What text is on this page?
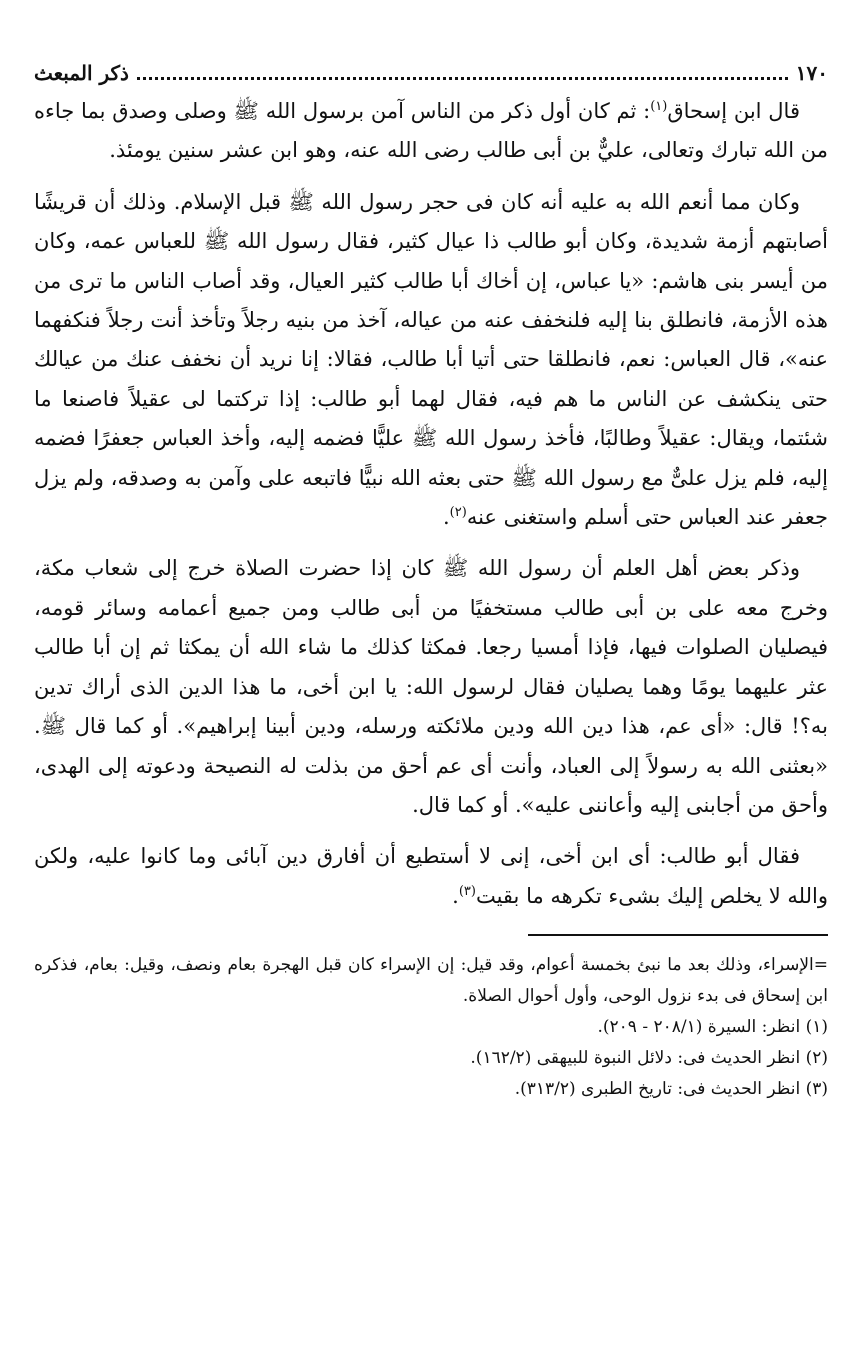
١٧٠
ذكر المبعث

قال ابن إسحاق$^{(١)}$: ثم كان أول ذكر من الناس آمن برسول الله ﷺ وصلى وصدق بما جاءه من الله تبارك وتعالى، عليٌّ بن أبى طالب رضى الله عنه، وهو ابن عشر سنين يومئذ.

وكان مما أنعم الله به عليه أنه كان فى حجر رسول الله ﷺ قبل الإسلام. وذلك أن قريشًا أصابتهم أزمة شديدة، وكان أبو طالب ذا عيال كثير، فقال رسول الله ﷺ للعباس عمه، وكان من أيسر بنى هاشم: «يا عباس، إن أخاك أبا طالب كثير العيال، وقد أصاب الناس ما ترى من هذه الأزمة، فانطلق بنا إليه فلنخفف عنه من عياله، آخذ من بنيه رجلاً وتأخذ أنت رجلاً فنكفهما عنه»، قال العباس: نعم، فانطلقا حتى أتيا أبا طالب، فقالا: إنا نريد أن نخفف عنك من عيالك حتى ينكشف عن الناس ما هم فيه، فقال لهما أبو طالب: إذا تركتما لى عقيلاً فاصنعا ما شئتما، ويقال: عقيلاً وطالبًا، فأخذ رسول الله ﷺ عليًّا فضمه إليه، وأخذ العباس جعفرًا فضمه إليه، فلم يزل علىٌّ مع رسول الله ﷺ حتى بعثه الله نبيًّا فاتبعه على وآمن به وصدقه، ولم يزل جعفر عند العباس حتى أسلم واستغنى عنه$^{(٢)}$.

وذكر بعض أهل العلم أن رسول الله ﷺ كان إذا حضرت الصلاة خرج إلى شعاب مكة، وخرج معه على بن أبى طالب مستخفيًا من أبى طالب ومن جميع أعمامه وسائر قومه، فيصليان الصلوات فيها، فإذا أمسيا رجعا. فمكثا كذلك ما شاء الله أن يمكثا ثم إن أبا طالب عثر عليهما يومًا وهما يصليان فقال لرسول الله: يا ابن أخى، ما هذا الدين الذى أراك تدين به؟! قال: «أى عم، هذا دين الله ودين ملائكته ورسله، ودين أبينا إبراهيم». أو كما قال ﷺ. «بعثنى الله به رسولاً إلى العباد، وأنت أى عم أحق من بذلت له النصيحة ودعوته إلى الهدى، وأحق من أجابنى إليه وأعاننى عليه». أو كما قال.

فقال أبو طالب: أى ابن أخى، إنى لا أستطيع أن أفارق دين آبائى وما كانوا عليه، ولكن والله لا يخلص إليك بشىء تكرهه ما بقيت$^{(٣)}$.

=الإسراء، وذلك بعد ما نبئ بخمسة أعوام، وقد قيل: إن الإسراء كان قبل الهجرة بعام ونصف، وقيل: بعام، فذكره ابن إسحاق فى بدء نزول الوحى، وأول أحوال الصلاة.

(١) انظر: السيرة (٢٠٨/١ - ٢٠٩).

(٢) انظر الحديث فى: دلائل النبوة للبيهقى (١٦٢/٢).

(٣) انظر الحديث فى: تاريخ الطبرى (٣١٣/٢).
